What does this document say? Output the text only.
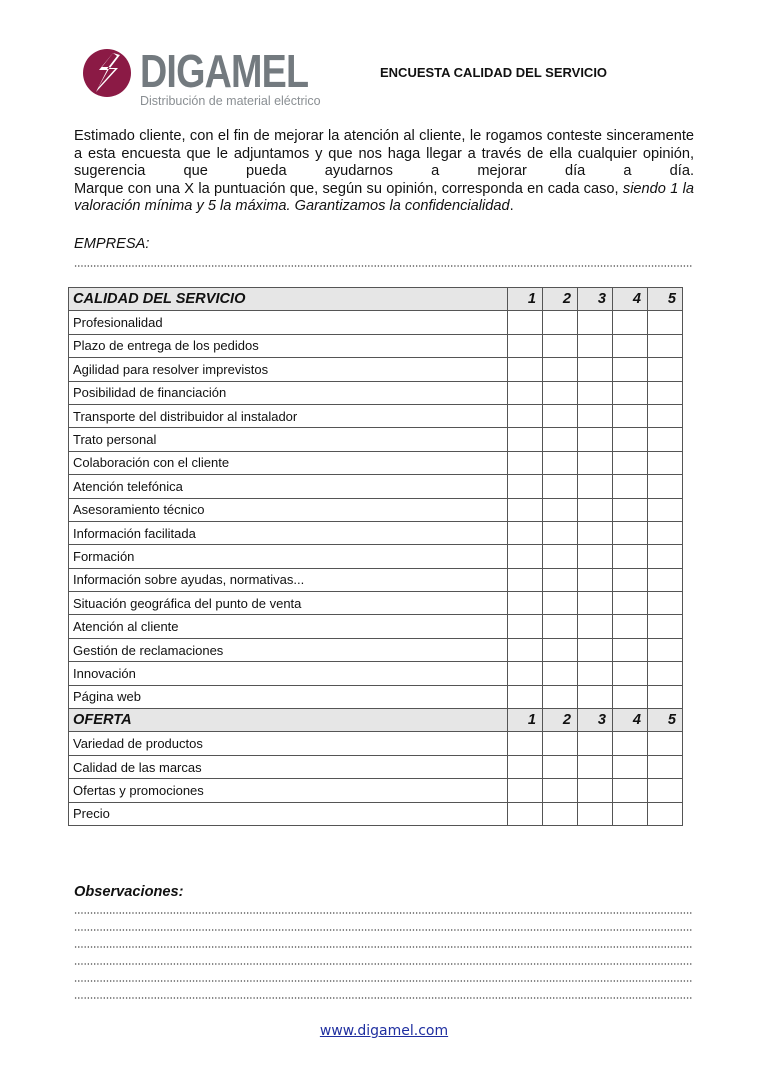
DIGAMEL
Distribución de material eléctrico
ENCUESTA CALIDAD DEL SERVICIO

Estimado cliente, con el fin de mejorar la atención al cliente, le rogamos conteste sinceramente a esta encuesta que le adjuntamos y que nos haga llegar a través de ella cualquier opinión, sugerencia que pueda ayudarnos a mejorar día a día.

Marque con una X la puntuación que, según su opinión, corresponda en cada caso, siendo 1 la valoración mínima y 5 la máxima. Garantizamos la confidencialidad.

EMPRESA:
CALIDAD DEL SERVICIO	1	2	3	4	5
Profesionalidad					
Plazo de entrega de los pedidos					
Agilidad para resolver imprevistos					
Posibilidad de financiación					
Transporte del distribuidor al instalador					
Trato personal					
Colaboración con el cliente					
Atención telefónica					
Asesoramiento técnico					
Información facilitada					
Formación					
Información sobre ayudas, normativas...					
Situación geográfica del punto de venta					
Atención al cliente					
Gestión de reclamaciones					
Innovación					
Página web					
OFERTA	1	2	3	4	5
Variedad de productos					
Calidad de las marcas					
Ofertas y promociones					
Precio					
Observaciones:
www.digamel.com
